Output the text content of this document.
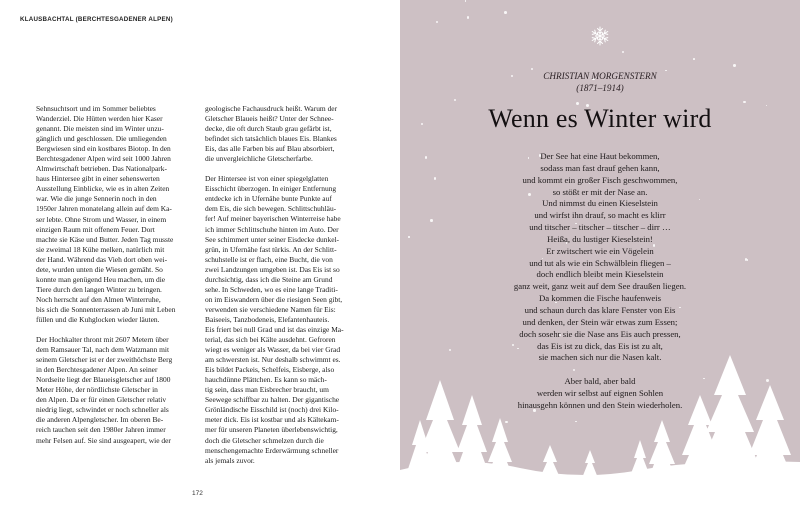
KLAUSBACHTAL (BERCHTESGADENER ALPEN)

Sehnsuchtsort und im Sommer beliebtes
Wanderziel. Die Hütten werden hier Kaser
genannt. Die meisten sind im Winter unzu-
gänglich und geschlossen. Die umliegenden
Bergwiesen sind ein kostbares Biotop. In den
Berchtesgadener Alpen wird seit 1000 Jahren
Almwirtschaft betrieben. Das Nationalpark-
haus Hintersee gibt in einer sehenswerten
Ausstellung Einblicke, wie es in alten Zeiten
war. Wie die junge Sennerin noch in den
1950er Jahren monatelang allein auf dem Ka-
ser lebte. Ohne Strom und Wasser, in einem
einzigen Raum mit offenem Feuer. Dort
machte sie Käse und Butter. Jeden Tag musste
sie zweimal 18 Kühe melken, natürlich mit
der Hand. Während das Vieh dort oben wei-
dete, wurden unten die Wiesen gemäht. So
konnte man genügend Heu machen, um die
Tiere durch den langen Winter zu bringen.
Noch herrscht auf den Almen Winterruhe,
bis sich die Sonnenterrassen ab Juni mit Leben
füllen und die Kuhglocken wieder läuten.

Der Hochkalter thront mit 2607 Metern über
dem Ramsauer Tal, nach dem Watzmann mit
seinem Gletscher ist er der zweithöchste Berg
in den Berchtesgadener Alpen. An seiner
Nordseite liegt der Blaueisgletscher auf 1800
Meter Höhe, der nördlichste Gletscher in
den Alpen. Da er für einen Gletscher relativ
niedrig liegt, schwindet er noch schneller als
die anderen Alpengletscher. Im oberen Be-
reich tauchen seit den 1980er Jahren immer
mehr Felsen auf. Sie sind ausgeapert, wie der

geologische Fachausdruck heißt. Warum der
Gletscher Blaueis heißt? Unter der Schnee-
decke, die oft durch Staub grau gefärbt ist,
befindet sich tatsächlich blaues Eis. Blankes
Eis, das alle Farben bis auf Blau absorbiert,
die unvergleichliche Gletscherfarbe.

Der Hintersee ist von einer spiegelglatten
Eisschicht überzogen. In einiger Entfernung
entdecke ich in Ufernähe bunte Punkte auf
dem Eis, die sich bewegen. Schlittschuhläu-
fer! Auf meiner bayerischen Winterreise habe
ich immer Schlittschuhe hinten im Auto. Der
See schimmert unter seiner Eisdecke dunkel-
grün, in Ufernähe fast türkis. An der Schlitt-
schuhstelle ist er flach, eine Bucht, die von
zwei Landzungen umgeben ist. Das Eis ist so
durchsichtig, dass ich die Steine am Grund
sehe. In Schweden, wo es eine lange Traditi-
on im Eiswandern über die riesigen Seen gibt,
verwenden sie verschiedene Namen für Eis:
Baiseeis, Tanzbodeneis, Elefantenhauteis.
Eis friert bei null Grad und ist das einzige Ma-
terial, das sich bei Kälte ausdehnt. Gefroren
wiegt es weniger als Wasser, da bei vier Grad
am schwersten ist. Nur deshalb schwimmt es.
Eis bildet Packeis, Schelfeis, Eisberge, also
hauchdünne Plättchen. Es kann so mäch-
tig sein, dass man Eisbrecher braucht, um
Seewege schiffbar zu halten. Der gigantische
Grönländische Eisschild ist (noch) drei Kilo-
meter dick. Eis ist kostbar und als Kältekam-
mer für unseren Planeten überlebenswichtig,
doch die Gletscher schmelzen durch die
menschengemachte Erderwärmung schneller
als jemals zuvor.

172
CHRISTIAN MORGENSTERN
(1871–1914)
Wenn es Winter wird
Der See hat eine Haut bekommen,
sodass man fast drauf gehen kann,
und kommt ein großer Fisch geschwommen,
so stößt er mit der Nase an.
Und nimmst du einen Kieselstein
und wirfst ihn drauf, so macht es klirr
und titscher – titscher – titscher – dirr …
Heißa, du lustiger Kieselstein!
Er zwitschert wie ein Vögelein
und tut als wie ein Schwälblein fliegen –
doch endlich bleibt mein Kieselstein
ganz weit, ganz weit auf dem See draußen liegen.
Da kommen die Fische haufenweis
und schaun durch das klare Fenster von Eis
und denken, der Stein wär etwas zum Essen;
doch sosehr sie die Nase ans Eis auch pressen,
das Eis ist zu dick, das Eis ist zu alt,
sie machen sich nur die Nasen kalt.
Aber bald, aber bald
werden wir selbst auf eignen Sohlen
hinausgehn können und den Stein wiederholen.
